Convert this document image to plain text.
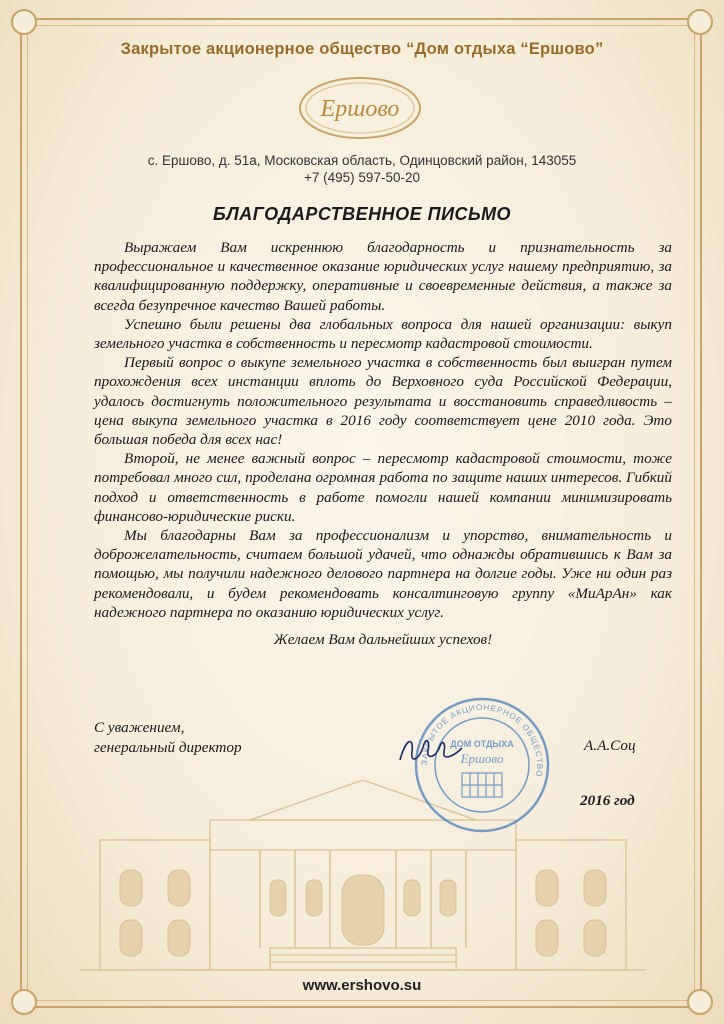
Закрытое акционерное общество “Дом отдыха “Ершово”
Ершово
с. Ершово, д. 51а, Московская область, Одинцовский район, 143055
+7 (495) 597-50-20
БЛАГОДАРСТВЕННОЕ ПИСЬМО

Выражаем Вам искреннюю благодарность и признательность за профессиональное и качественное оказание юридических услуг нашему предприятию, за квалифицированную поддержку, оперативные и своевременные действия, а также за всегда безупречное качество Вашей работы.

Успешно были решены два глобальных вопроса для нашей организации: выкуп земельного участка в собственность и пересмотр кадастровой стоимости.

Первый вопрос о выкупе земельного участка в собственность был выигран путем прохождения всех инстанции вплоть до Верховного суда Российской Федерации, удалось достигнуть положительного результата и восстановить справедливость – цена выкупа земельного участка в 2016 году соответствует цене 2010 года. Это большая победа для всех нас!

Второй, не менее важный вопрос – пересмотр кадастровой стоимости, тоже потребовал много сил, проделана огромная работа по защите наших интересов. Гибкий подход и ответственность в работе помогли нашей компании минимизировать финансово-юридические риски.

Мы благодарны Вам за профессионализм и упорство, внимательность и доброжелательность, считаем большой удачей, что однажды обратившись к Вам за помощью, мы получили надежного делового партнера на долгие годы. Уже ни один раз рекомендовали, и будем рекомендовать консалтинговую группу «МиАрАн» как надежного партнера по оказанию юридических услуг.

Желаем Вам дальнейших успехов!

С уважением,
генеральный директор
ЗАКРЫТОЕ АКЦИОНЕРНОЕ ОБЩЕСТВО
ДОМ ОТДЫХА
Ершово
А.А.Соц
2016 год
www.ershovo.su
